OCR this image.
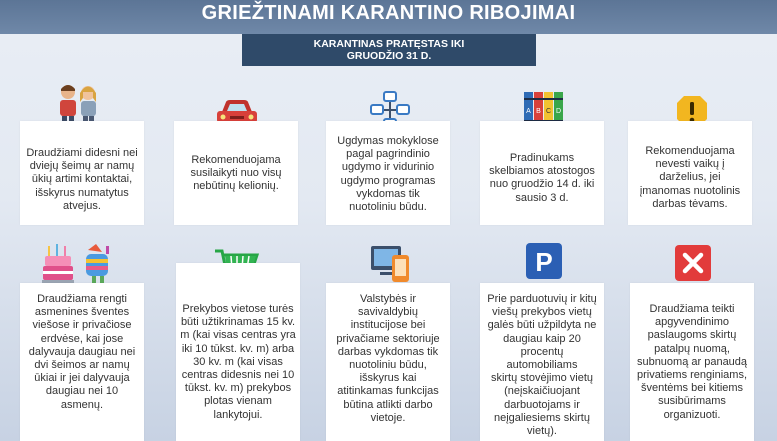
GRIEŽTINAMI KARANTINO RIBOJIMAI
KARANTINAS PRATĘSTAS IKI
GRUODŽIO 31 D.
A B C D
Draudžiami didesni nei
dviejų šeimų ar namų
ūkių artimi kontaktai,
išskyrus numatytus
atvejus.
Rekomenduojama
susilaikyti nuo visų
nebūtinų kelionių.
Ugdymas mokyklose
pagal pagrindinio
ugdymo ir vidurinio
ugdymo programas
vykdomas tik
nuotoliniu būdu.
Pradinukams
skelbiamos atostogos
nuo gruodžio 14 d. iki
sausio 3 d.
Rekomenduojama
nevesti vaikų į
darželius, jei
įmanomas nuotolinis
darbas tėvams.
P
Draudžiama rengti
asmenines šventes
viešose ir privačiose
erdvėse, kai jose
dalyvauja daugiau nei
dvi šeimos ar namų
ūkiai ir jei dalyvauja
daugiau nei 10 asmenų.
Prekybos vietose turės
būti užtikrinamas 15 kv.
m (kai visas centras yra
iki 10 tūkst. kv. m) arba
30 kv. m (kai visas
centras didesnis nei 10
tūkst. kv. m) prekybos
plotas vienam
lankytojui.
Valstybės ir
savivaldybių
institucijose bei
privačiame sektoriuje
darbas vykdomas tik
nuotoliniu būdu,
išskyrus kai
atitinkamas funkcijas
būtina atlikti darbo
vietoje.
Prie parduotuvių ir kitų
viešų prekybos vietų
galės būti užpildyta ne
daugiau kaip 20
procentų automobiliams
skirtų stovėjimo vietų
(neįskaičiuojant
darbuotojams ir
neįgaliesiems skirtų
vietų).
Draudžiama teikti
apgyvendinimo
paslaugoms skirtų
patalpų nuomą,
subnuomą ar panaudą
privatiems renginiams,
šventėms bei kitiems
susibūrimams
organizuoti.
